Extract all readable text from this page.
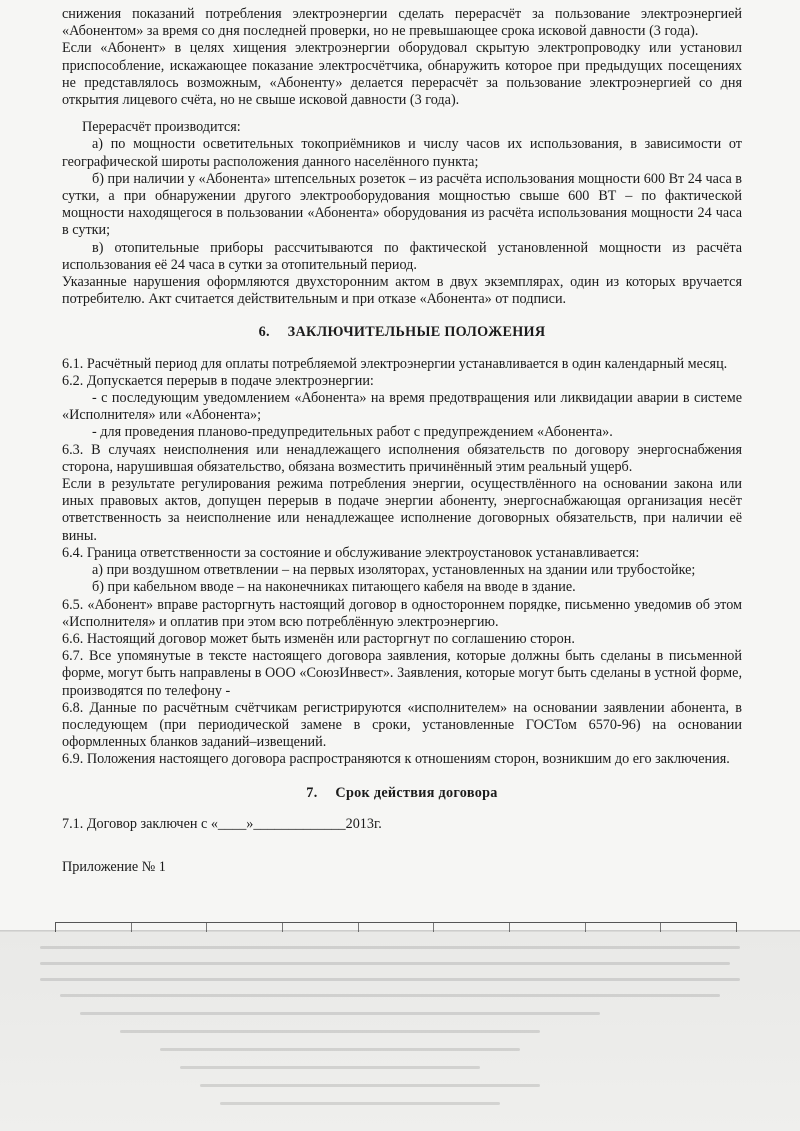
снижения показаний потребления электроэнергии сделать перерасчёт за пользование электроэнергией «Абонентом» за время со дня последней проверки, но не превышающее срока исковой давности (3 года).

Если «Абонент» в целях хищения электроэнергии оборудовал скрытую электропроводку или установил приспособление, искажающее показание электросчётчика, обнаружить которое при предыдущих посещениях не представлялось возможным, «Абоненту» делается перерасчёт за пользование электроэнергией со дня открытия лицевого счёта, но не свыше исковой давности (3 года).

Перерасчёт производится:

а) по мощности осветительных токоприёмников и числу часов их использования, в зависимости от географической широты расположения данного населённого пункта;

б) при наличии у «Абонента» штепсельных розеток – из расчёта использования мощности 600 Вт 24 часа в сутки, а при обнаружении другого электрооборудования мощностью свыше 600 ВТ – по фактической мощности находящегося в пользовании «Абонента» оборудования из расчёта использования мощности 24 часа в сутки;

в) отопительные приборы рассчитываются по фактической установленной мощности из расчёта использования её 24 часа в сутки за отопительный период.

Указанные нарушения оформляются двухсторонним актом в двух экземплярах, один из которых вручается потребителю. Акт считается действительным и при отказе «Абонента» от подписи.

6. ЗАКЛЮЧИТЕЛЬНЫЕ ПОЛОЖЕНИЯ

6.1. Расчётный период для оплаты потребляемой электроэнергии устанавливается в один календарный месяц.

6.2. Допускается перерыв в подаче электроэнергии:

- с последующим уведомлением «Абонента» на время предотвращения или ликвидации аварии в системе «Исполнителя» или «Абонента»;

- для проведения планово-предупредительных работ с предупреждением «Абонента».

6.3. В случаях неисполнения или ненадлежащего исполнения обязательств по договору энергоснабжения сторона, нарушившая обязательство, обязана возместить причинённый этим реальный ущерб.

Если в результате регулирования режима потребления энергии, осуществлённого на основании закона или иных правовых актов, допущен перерыв в подаче энергии абоненту, энергоснабжающая организация несёт ответственность за неисполнение или ненадлежащее исполнение договорных обязательств, при наличии её вины.

6.4. Граница ответственности за состояние и обслуживание электроустановок устанавливается:

а) при воздушном ответвлении – на первых изоляторах, установленных на здании или трубостойке;

б) при кабельном вводе – на наконечниках питающего кабеля на вводе в здание.

6.5. «Абонент» вправе расторгнуть настоящий договор в одностороннем порядке, письменно уведомив об этом «Исполнителя» и оплатив при этом всю потреблённую электроэнергию.

6.6. Настоящий договор может быть изменён или расторгнут по соглашению сторон.

6.7. Все упомянутые в тексте настоящего договора заявления, которые должны быть сделаны в письменной форме, могут быть направлены в ООО «СоюзИнвест». Заявления, которые могут быть сделаны в устной форме, производятся по телефону -

6.8. Данные по расчётным счётчикам регистрируются «исполнителем» на основании заявлении абонента, в последующем (при периодической замене в сроки, установленные ГОСТом 6570-96) на основании оформленных бланков заданий–извещений.

6.9. Положения настоящего договора распространяются к отношениям сторон, возникшим до его заключения.

7. Срок действия договора

7.1. Договор заключен с «____»_____________2013г.

Приложение № 1
